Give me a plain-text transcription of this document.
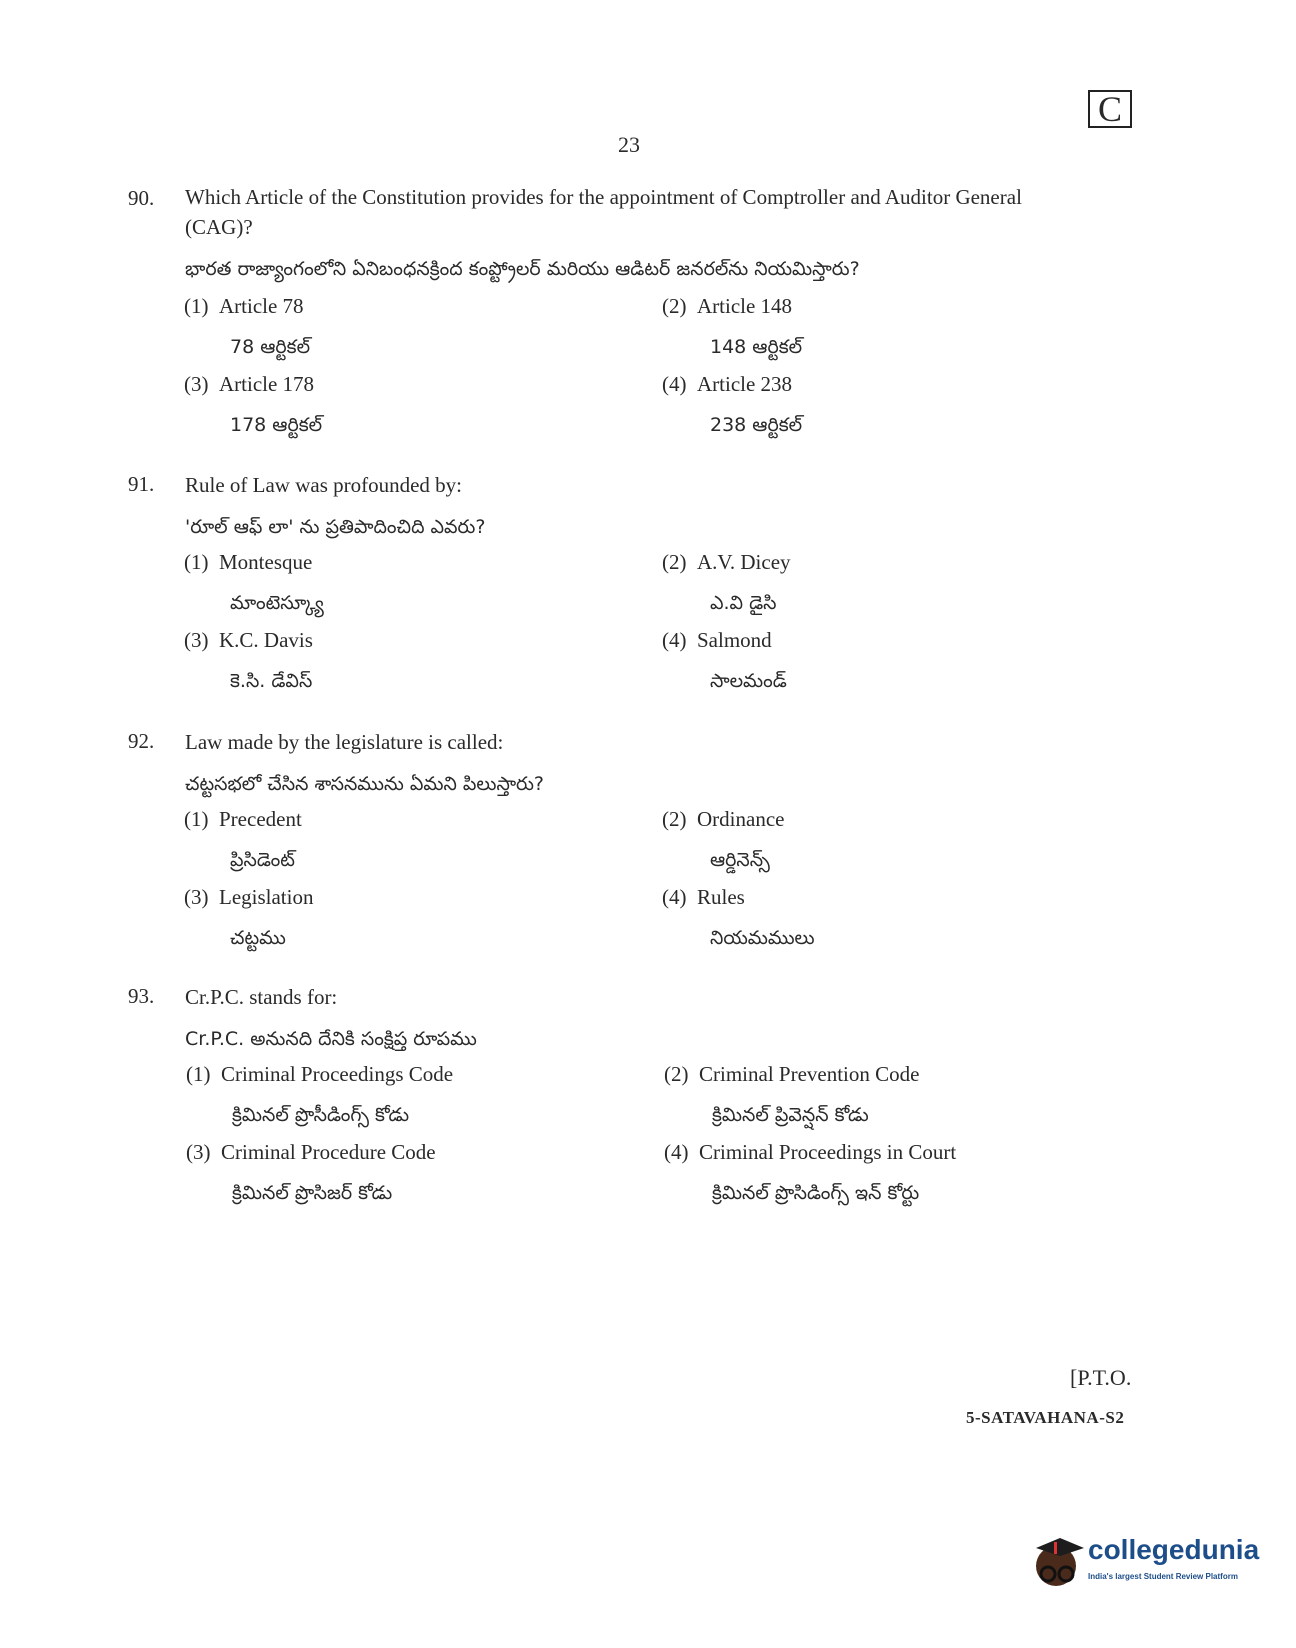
C
23
90. Which Article of the Constitution provides for the appointment of Comptroller and Auditor General (CAG)?
భారత రాజ్యాంగంలోని ఏనిబంధనక్రింద కంప్ట్రోలర్ మరియు ఆడిటర్ జనరల్‌ను నియమిస్తారు?
(1) Article 78
78 ఆర్టికల్
(2) Article 148
148 ఆర్టికల్
(3) Article 178
178 ఆర్టికల్
(4) Article 238
238 ఆర్టికల్
91. Rule of Law was profounded by:
'రూల్ ఆఫ్ లా' ను ప్రతిపాదించిది ఎవరు?
(1) Montesque
మాంటెస్క్యూ
(2) A.V. Dicey
ఎ.వి డైసి
(3) K.C. Davis
కె.సి. డేవిస్
(4) Salmond
సాలమండ్
92. Law made by the legislature is called:
చట్టసభలో చేసిన శాసనమును ఏమని పిలుస్తారు?
(1) Precedent
ప్రిసిడెంట్
(2) Ordinance
ఆర్డినెన్స్
(3) Legislation
చట్టము
(4) Rules
నియమములు
93. Cr.P.C. stands for:
Cr.P.C. అనునది దేనికి సంక్షిప్త రూపము
(1) Criminal Proceedings Code
క్రిమినల్ ప్రొసీడింగ్స్ కోడు
(2) Criminal Prevention Code
క్రిమినల్ ప్రివెన్షన్ కోడు
(3) Criminal Procedure Code
క్రిమినల్ ప్రొసిజర్ కోడు
(4) Criminal Proceedings in Court
క్రిమినల్ ప్రొసిడింగ్స్ ఇన్ కోర్టు
[P.T.O.
5-SATAVAHANA-S2
collegedunia
India's largest Student Review Platform
